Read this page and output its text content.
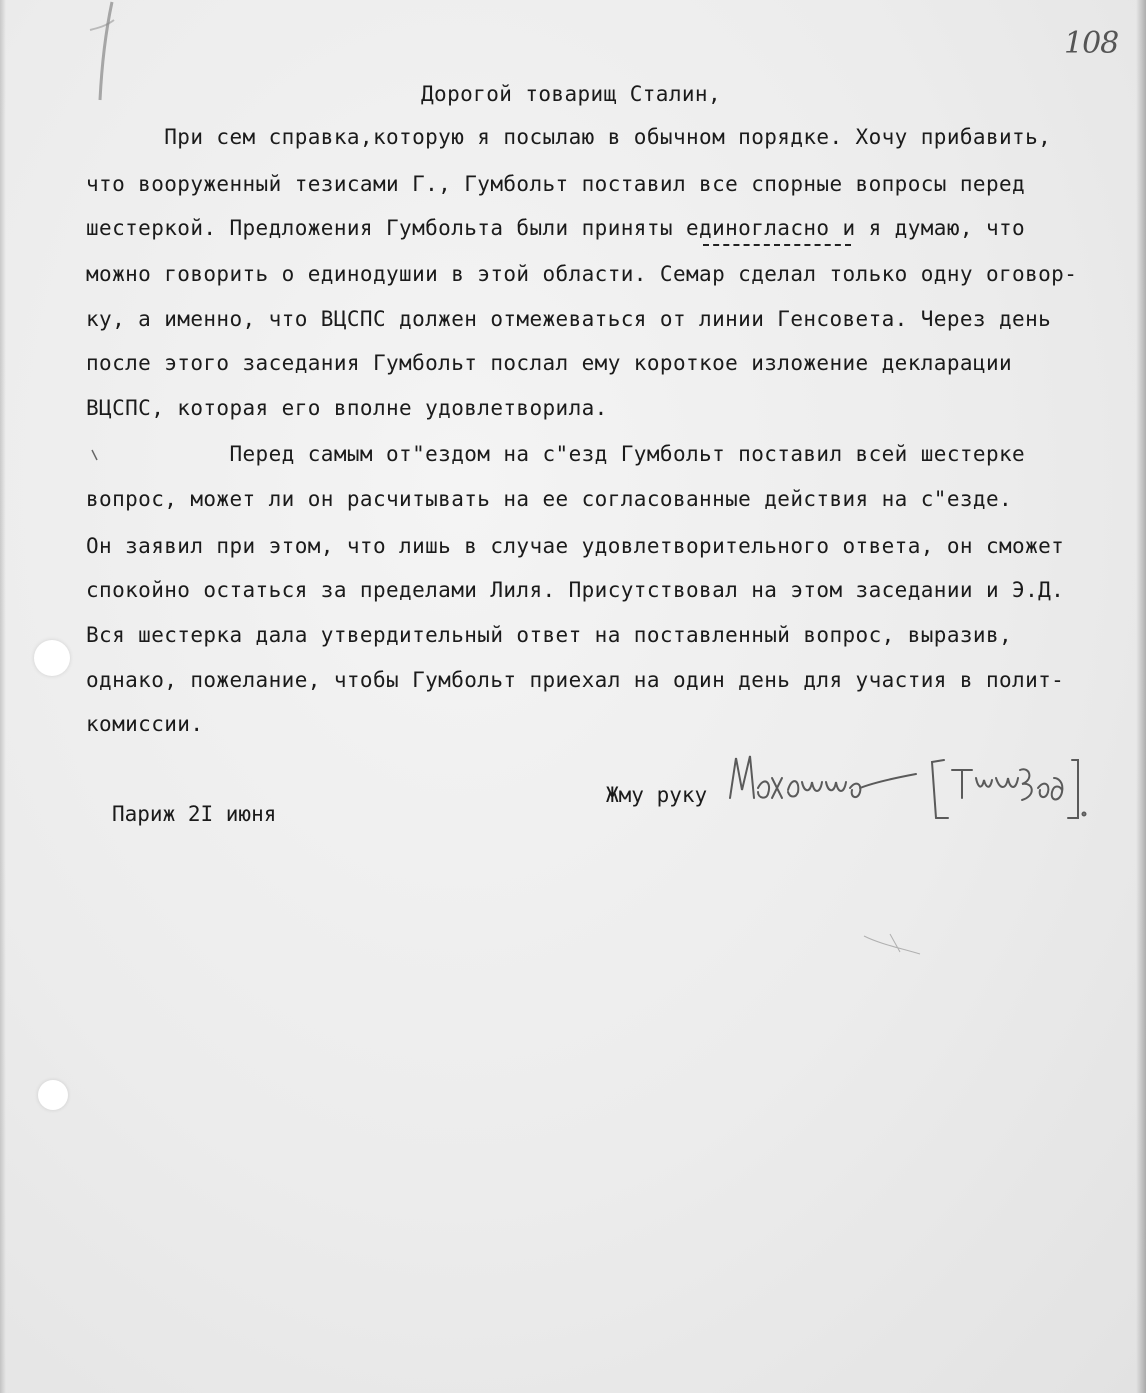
108
Дорогой товарищ Сталин,
При сем справка,которую я посылаю в обычном порядке. Хочу прибавить,
что вооруженный тезисами Г., Гумбольт поставил все спорные вопросы перед
шестеркой. Предложения Гумбольта были приняты единогласно и я думаю, что
можно говорить о единодушии в этой области. Семар сделал только одну оговор-
ку, а именно, что ВЦСПС должен отмежеваться от линии Генсовета. Через день
после этого заседания Гумбольт послал ему короткое изложение декларации
ВЦСПС, которая его вполне удовлетворила.
Перед самым от"ездом на с"езд Гумбольт поставил всей шестерке
вопрос, может ли он расчитывать на ее согласованные действия на с"езде.
Он заявил при этом, что лишь в случае удовлетворительного ответа, он сможет
спокойно остаться за пределами Лиля. Присутствовал на этом заседании и Э.Д.
Вся шестерка дала утвердительный ответ на поставленный вопрос, выразив,
однако, пожелание, чтобы Гумбольт приехал на один день для участия в полит-
комиссии.
Жму руку
Париж 2I июня
